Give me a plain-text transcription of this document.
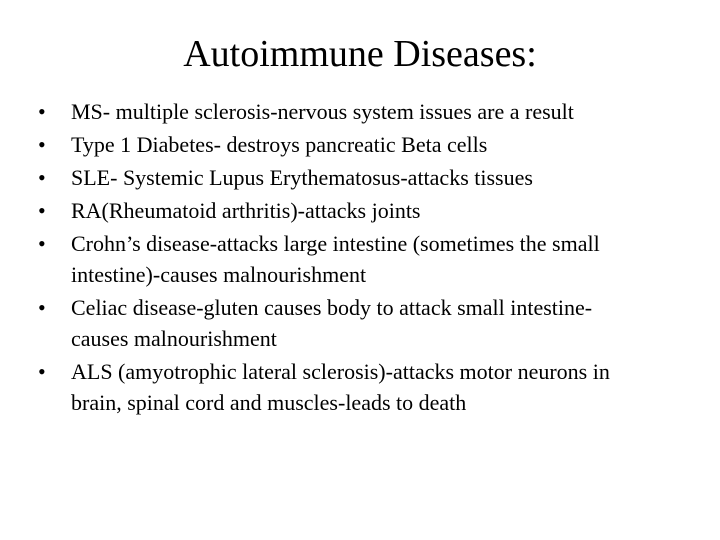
Autoimmune Diseases:
•	MS- multiple sclerosis-nervous system issues are a result
•	Type 1 Diabetes- destroys pancreatic Beta cells
•	SLE- Systemic Lupus Erythematosus-attacks tissues
•	RA(Rheumatoid arthritis)-attacks joints
•	Crohn’s disease-attacks large intestine (sometimes the small intestine)-causes malnourishment
•	Celiac disease-gluten causes body to attack small intestine-causes malnourishment
•	ALS (amyotrophic lateral sclerosis)-attacks motor neurons in brain, spinal cord and muscles-leads to death
